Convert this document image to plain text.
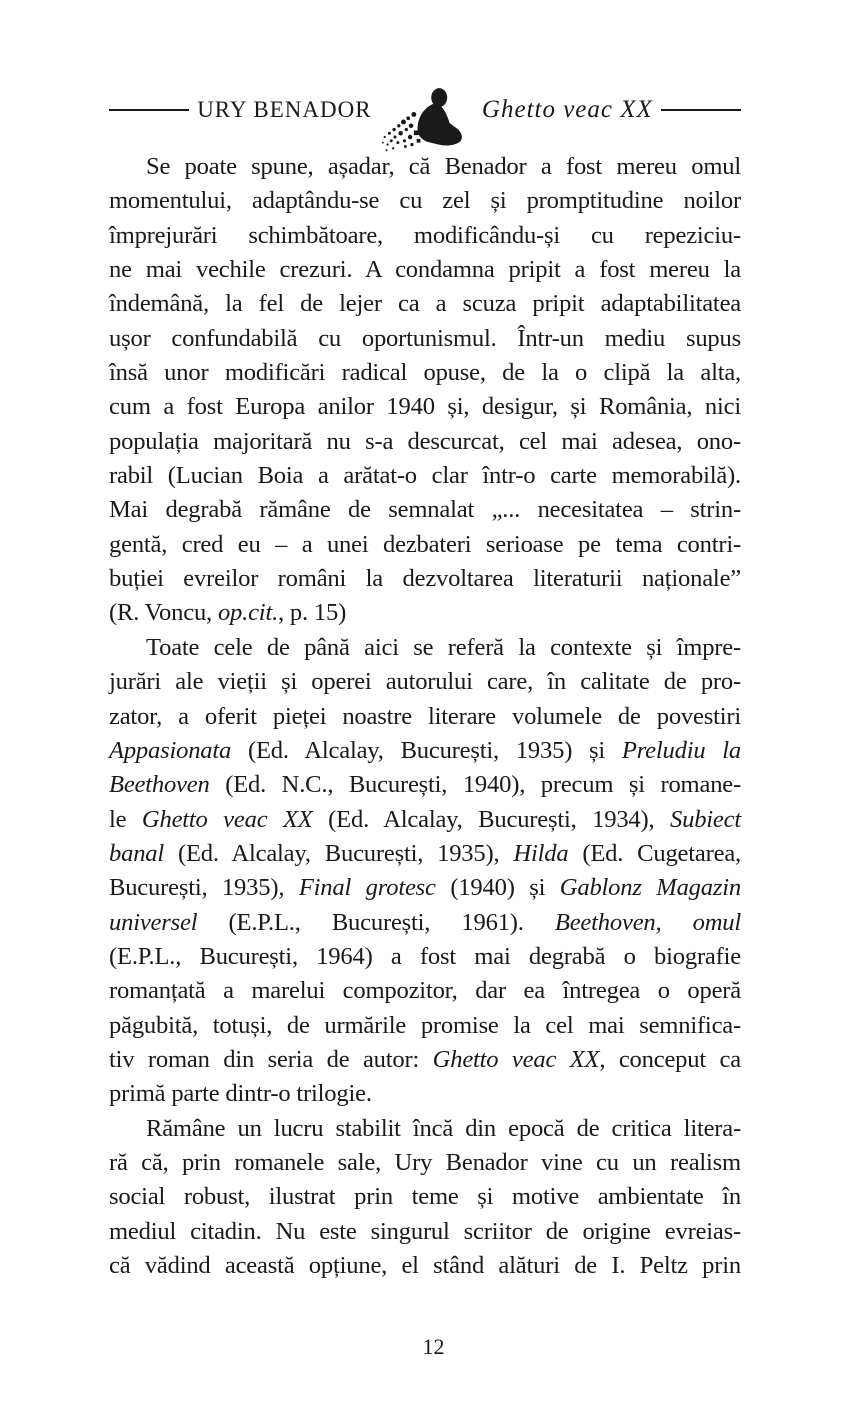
URY BENADOR	Ghetto veac XX
Se poate spune, așadar, că Benador a fost mereu omul
momentului, adaptându-se cu zel și promptitudine noilor
împrejurări schimbătoare, modificându-și cu repeziciu-
ne mai vechile crezuri. A condamna pripit a fost mereu la
îndemână, la fel de lejer ca a scuza pripit adaptabilitatea
ușor confundabilă cu oportunismul. Într-un mediu supus
însă unor modificări radical opuse, de la o clipă la alta,
cum a fost Europa anilor 1940 și, desigur, și România, nici
populația majoritară nu s-a descurcat, cel mai adesea, ono-
rabil (Lucian Boia a arătat-o clar într-o carte memorabilă).
Mai degrabă rămâne de semnalat „... necesitatea – strin-
gentă, cred eu – a unei dezbateri serioase pe tema contri-
buției evreilor români la dezvoltarea literaturii naționale”
(R. Voncu, op.cit., p. 15)
Toate cele de până aici se referă la contexte și împre-
jurări ale vieții și operei autorului care, în calitate de pro-
zator, a oferit pieței noastre literare volumele de povestiri
Appasionata (Ed. Alcalay, București, 1935) și Preludiu la
Beethoven (Ed. N.C., București, 1940), precum și romane-
le Ghetto veac XX (Ed. Alcalay, București, 1934), Subiect
banal (Ed. Alcalay, București, 1935), Hilda (Ed. Cugetarea,
București, 1935), Final grotesc (1940) și Gablonz Magazin
universel (E.P.L., București, 1961). Beethoven, omul
(E.P.L., București, 1964) a fost mai degrabă o biografie
romanțată a marelui compozitor, dar ea întregea o operă
păgubită, totuși, de urmările promise la cel mai semnifica-
tiv roman din seria de autor: Ghetto veac XX, conceput ca
primă parte dintr-o trilogie.
Rămâne un lucru stabilit încă din epocă de critica litera-
ră că, prin romanele sale, Ury Benador vine cu un realism
social robust, ilustrat prin teme și motive ambientate în
mediul citadin. Nu este singurul scriitor de origine evreias-
că vădind această opțiune, el stând alături de I. Peltz prin
12
